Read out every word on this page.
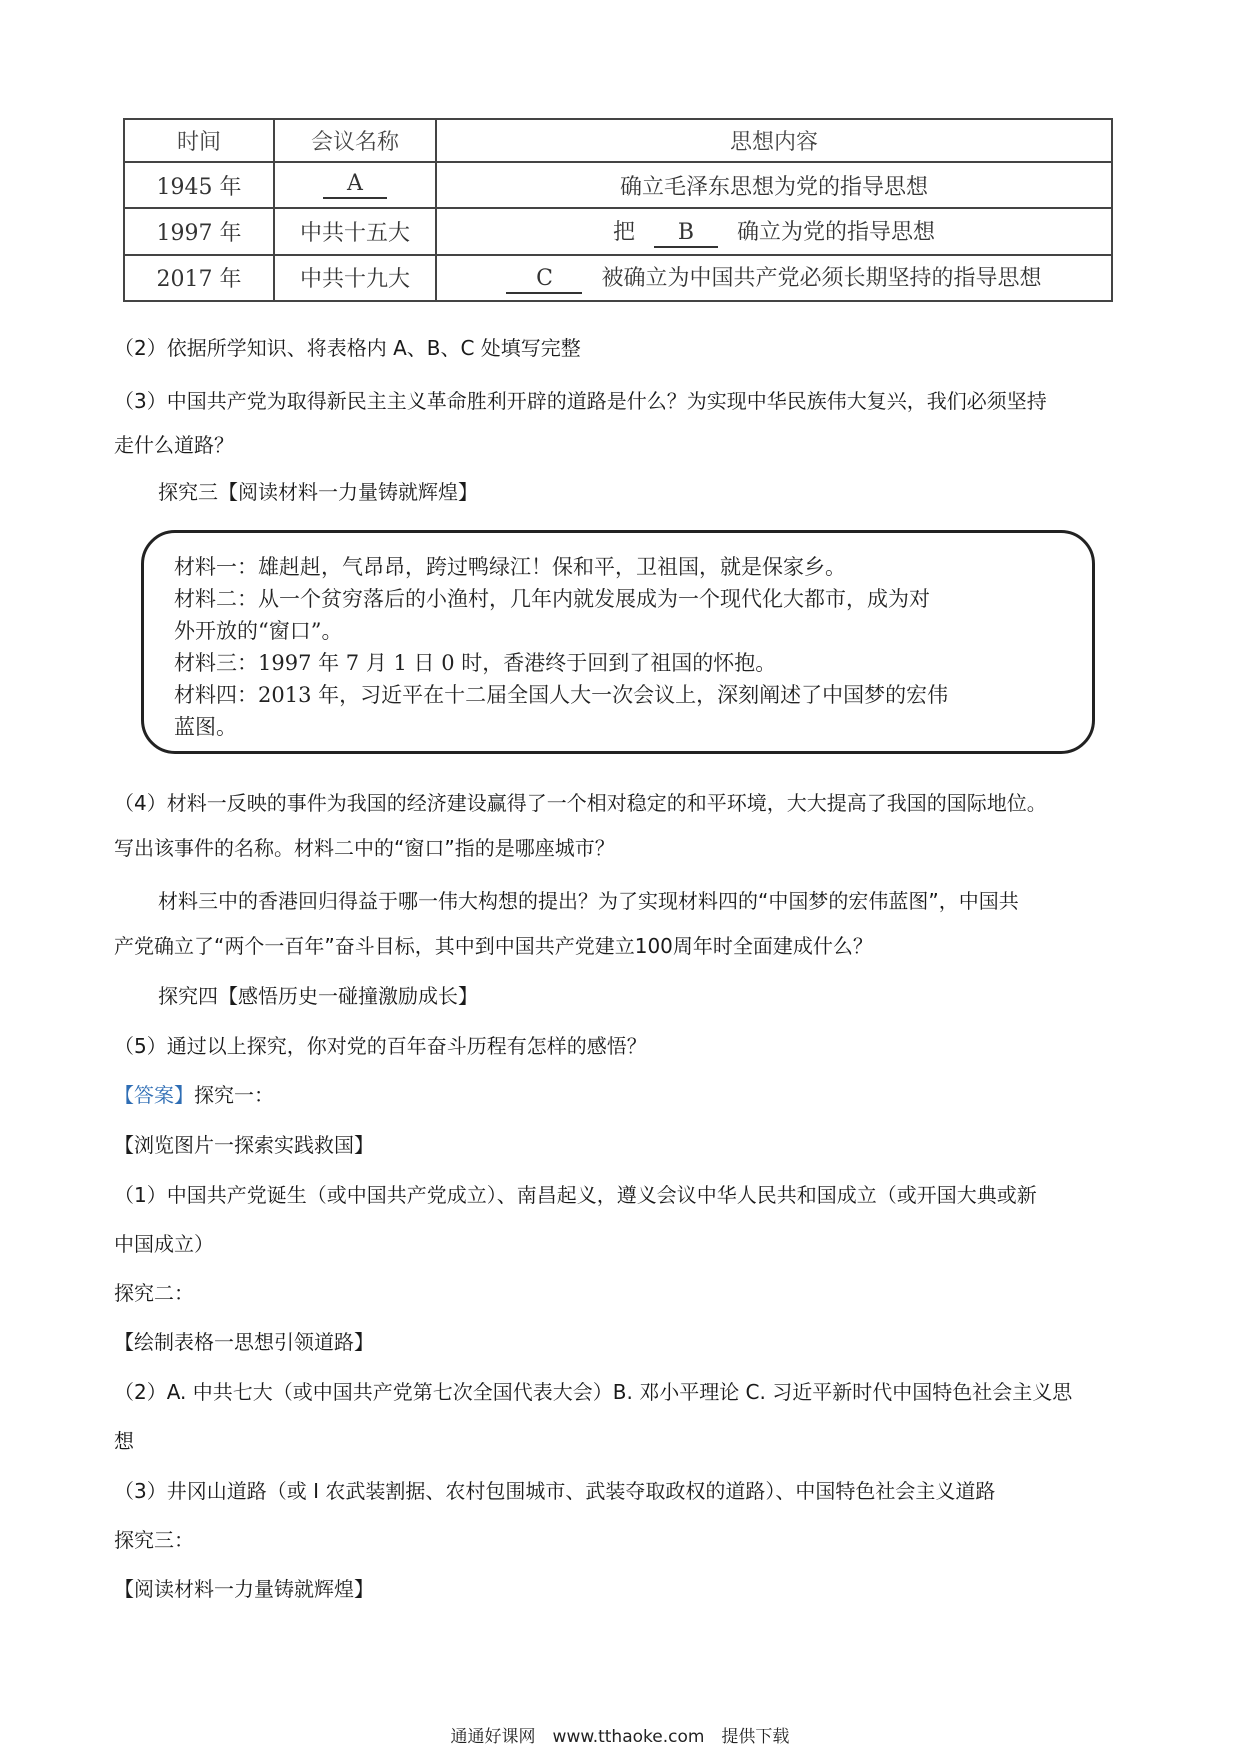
时间	会议名称	思想内容
1945 年	A	确立毛泽东思想为党的指导思想
1997 年	中共十五大	把 B 确立为党的指导思想
2017 年	中共十九大	C 被确立为中国共产党必须长期坚持的指导思想
（2）依据所学知识、将表格内 A、B、C 处填写完整
（3）中国共产党为取得新民主主义革命胜利开辟的道路是什么？为实现中华民族伟大复兴，我们必须坚持
走什么道路？
探究三【阅读材料一力量铸就辉煌】

材料一：雄赳赳，气昂昂，跨过鸭绿江！保和平，卫祖国，就是保家乡。

材料二：从一个贫穷落后的小渔村，几年内就发展成为一个现代化大都市，成为对

外开放的“窗口”。

材料三：1997 年 7 月 1 日 0 时，香港终于回到了祖国的怀抱。

材料四：2013 年，习近平在十二届全国人大一次会议上，深刻阐述了中国梦的宏伟

蓝图。

（4）材料一反映的事件为我国的经济建设赢得了一个相对稳定的和平环境，大大提高了我国的国际地位。
写出该事件的名称。材料二中的“窗口”指的是哪座城市？
材料三中的香港回归得益于哪一伟大构想的提出？为了实现材料四的“中国梦的宏伟蓝图”，中国共
产党确立了“两个一百年”奋斗目标，其中到中国共产党建立100周年时全面建成什么？
探究四【感悟历史一碰撞激励成长】
（5）通过以上探究，你对党的百年奋斗历程有怎样的感悟？
【答案】探究一：
【浏览图片一探索实践救国】
（1）中国共产党诞生（或中国共产党成立）、南昌起义，遵义会议中华人民共和国成立（或开国大典或新
中国成立）
探究二：
【绘制表格一思想引领道路】
（2）A. 中共七大（或中国共产党第七次全国代表大会）B. 邓小平理论 C. 习近平新时代中国特色社会主义思
想
（3）井冈山道路（或 I 农武装割据、农村包围城市、武装夺取政权的道路）、中国特色社会主义道路
探究三：
【阅读材料一力量铸就辉煌】
通通好课网　www.tthaoke.com　提供下载
